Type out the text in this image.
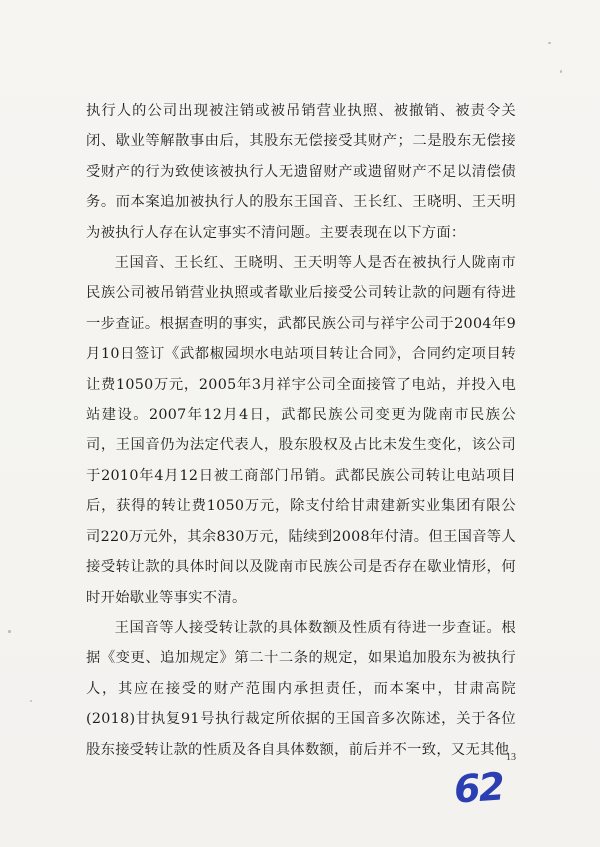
执行人的公司出现被注销或被吊销营业执照、被撤销、被责令关闭、歇业等解散事由后，其股东无偿接受其财产；二是股东无偿接受财产的行为致使该被执行人无遗留财产或遗留财产不足以清偿债务。而本案追加被执行人的股东王国音、王长红、王晓明、王天明为被执行人存在认定事实不清问题。主要表现在以下方面：

王国音、王长红、王晓明、王天明等人是否在被执行人陇南市民族公司被吊销营业执照或者歇业后接受公司转让款的问题有待进一步查证。根据查明的事实，武都民族公司与祥宇公司于2004年9月10日签订《武都椒园坝水电站项目转让合同》，合同约定项目转让费1050万元，2005年3月祥宇公司全面接管了电站，并投入电站建设。2007年12月4日，武都民族公司变更为陇南市民族公司，王国音仍为法定代表人，股东股权及占比未发生变化，该公司于2010年4月12日被工商部门吊销。武都民族公司转让电站项目后，获得的转让费1050万元，除支付给甘肃建新实业集团有限公司220万元外，其余830万元，陆续到2008年付清。但王国音等人接受转让款的具体时间以及陇南市民族公司是否存在歇业情形，何时开始歇业等事实不清。

王国音等人接受转让款的具体数额及性质有待进一步查证。根据《变更、追加规定》第二十二条的规定，如果追加股东为被执行人，其应在接受的财产范围内承担责任，而本案中，甘肃高院(2018)甘执复91号执行裁定所依据的王国音多次陈述，关于各位股东接受转让款的性质及各自具体数额，前后并不一致，又无其他

13
62
